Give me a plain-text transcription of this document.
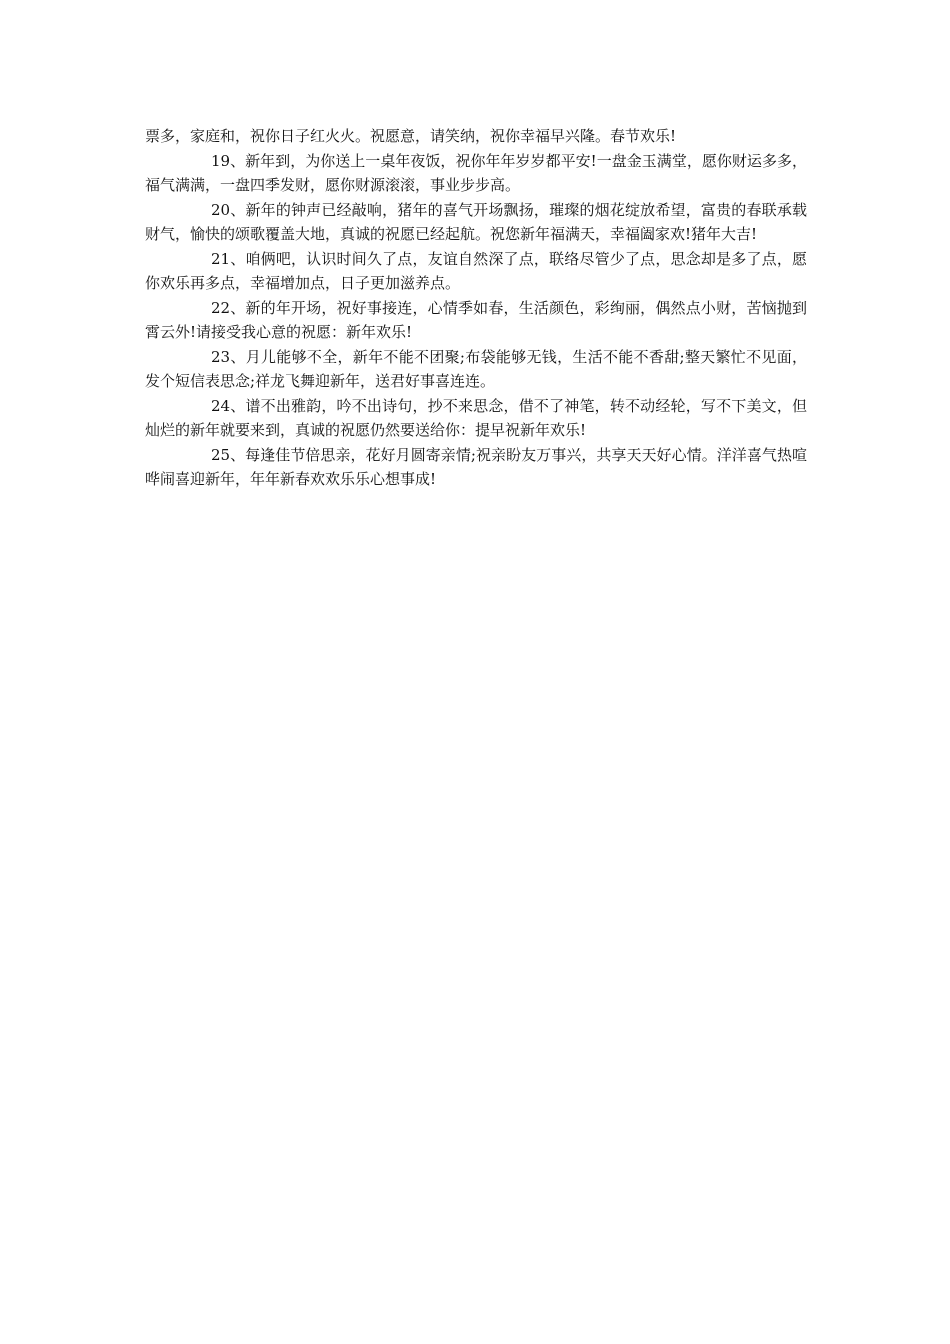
票多，家庭和，祝你日子红火火。祝愿意，请笑纳，祝你幸福早兴隆。春节欢乐!

19、新年到，为你送上一桌年夜饭，祝你年年岁岁都平安!一盘金玉满堂，愿你财运多多，福气满满，一盘四季发财，愿你财源滚滚，事业步步高。

20、新年的钟声已经敲响，猪年的喜气开场飘扬，璀璨的烟花绽放希望，富贵的春联承载财气，愉快的颂歌覆盖大地，真诚的祝愿已经起航。祝您新年福满天，幸福阖家欢!猪年大吉!

21、咱俩吧，认识时间久了点，友谊自然深了点，联络尽管少了点，思念却是多了点，愿你欢乐再多点，幸福增加点，日子更加滋养点。

22、新的年开场，祝好事接连，心情季如春，生活颜色，彩绚丽，偶然点小财，苦恼抛到霄云外!请接受我心意的祝愿：新年欢乐!

23、月儿能够不全，新年不能不团聚;布袋能够无钱，生活不能不香甜;整天繁忙不见面，发个短信表思念;祥龙飞舞迎新年，送君好事喜连连。

24、谱不出雅韵，吟不出诗句，抄不来思念，借不了神笔，转不动经轮，写不下美文，但灿烂的新年就要来到，真诚的祝愿仍然要送给你：提早祝新年欢乐!

25、每逢佳节倍思亲，花好月圆寄亲情;祝亲盼友万事兴，共享天天好心情。洋洋喜气热喧哗闹喜迎新年，年年新春欢欢乐乐心想事成!
